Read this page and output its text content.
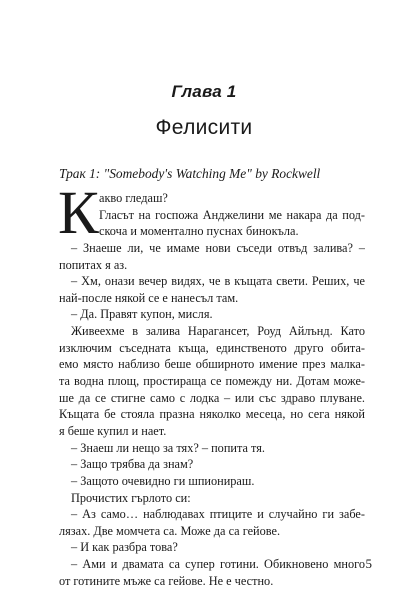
Глава 1
Фелисити
Трак 1: "Somebody's Watching Me" by Rockwell
К акво гледаш?
Гласът на госпожа Анджелини ме накара да под-
скоча и моментално пуснах бинокъла.
– Знаеше ли, че имаме нови съседи отвъд залива? –
попитах я аз.
– Хм, онази вечер видях, че в къщата свети. Реших, че
най-после някой се е нанесъл там.
– Да. Правят купон, мисля.
Живеехме в залива Нарагансет, Роуд Айлънд. Като
изключим съседната къща, единственото друго обита-
емо място наблизо беше обширното имение през малка-
та водна площ, простираща се помежду ни. Дотам може-
ше да се стигне само с лодка – или със здраво плуване.
Къщата бе стояла празна няколко месеца, но сега някой
я беше купил и нает.
– Знаеш ли нещо за тях? – попита тя.
– Защо трябва да знам?
– Защото очевидно ги шпионираш.
Прочистих гърлото си:
– Аз само… наблюдавах птиците и случайно ги забе-
лязах. Две момчета са. Може да са гейове.
– И как разбра това?
– Ами и двамата са супер готини. Обикновено много
от готините мъже са гейове. Не е честно.
5
